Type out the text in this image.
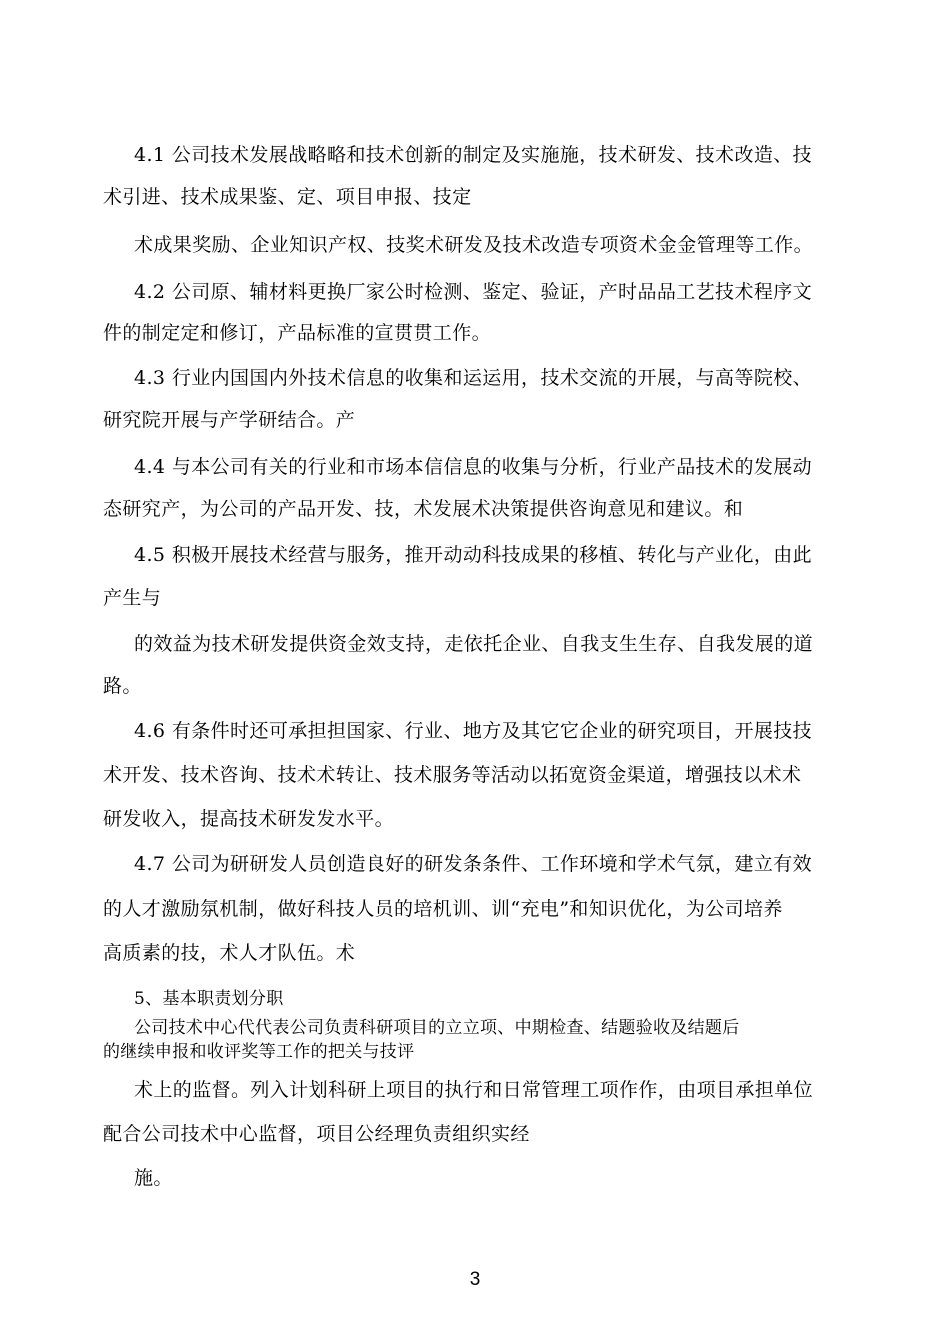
4.1 公司技术发展战略略和技术创新的制定及实施施，技术研发、技术改造、技
术引进、技术成果鉴、定、项目申报、技定
术成果奖励、企业知识产权、技奖术研发及技术改造专项资术金金管理等工作。
4.2 公司原、辅材料更换厂家公时检测、鉴定、验证，产时品品工艺技术程序文
件的制定定和修订，产品标准的宣贯贯工作。
4.3 行业内国国内外技术信息的收集和运运用，技术交流的开展，与高等院校、
研究院开展与产学研结合。产
4.4 与本公司有关的行业和市场本信信息的收集与分析，行业产品技术的发展动
态研究产，为公司的产品开发、技，术发展术决策提供咨询意见和建议。和
4.5 积极开展技术经营与服务，推开动动科技成果的移植、转化与产业化，由此
产生与
的效益为技术研发提供资金效支持，走依托企业、自我支生生存、自我发展的道
路。
4.6 有条件时还可承担担国家、行业、地方及其它它企业的研究项目，开展技技
术开发、技术咨询、技术术转让、技术服务等活动以拓宽资金渠道，增强技以术术
研发收入，提高技术研发发水平。
4.7 公司为研研发人员创造良好的研发条条件、工作环境和学术气氛，建立有效
的人才激励氛机制，做好科技人员的培机训、训“充电”和知识优化，为公司培养
高质素的技，术人才队伍。术
5、基本职责划分职
公司技术中心代代表公司负责科研项目的立立项、中期检查、结题验收及结题后
的继续申报和收评奖等工作的把关与技评
术上的监督。列入计划科研上项目的执行和日常管理工项作作，由项目承担单位
配合公司技术中心监督，项目公经理负责组织实经
施。
3
